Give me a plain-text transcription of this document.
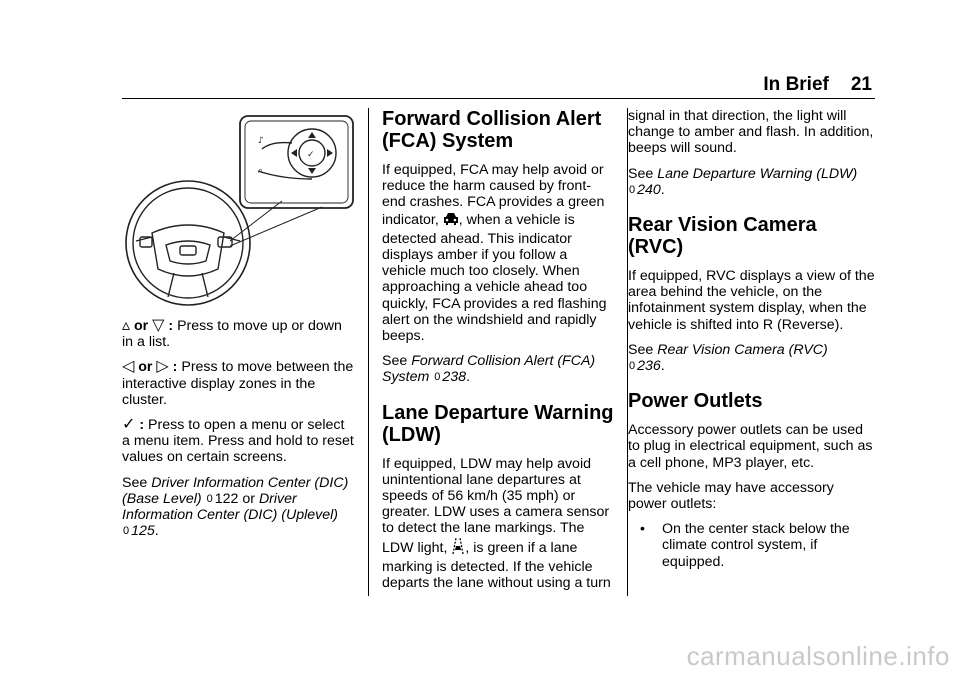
In Brief 21
✓
♪
⌕

▵ or ▽ : Press to move up or down in a list.

◁ or ▷ : Press to move between the interactive display zones in the cluster.

✓ : Press to open a menu or select a menu item. Press and hold to reset values on certain screens.

See Driver Information Center (DIC) (Base Level) 0 122 or Driver Information Center (DIC) (Uplevel)
0 125.

Forward Collision Alert (FCA) System

If equipped, FCA may help avoid or reduce the harm caused by front-end crashes. FCA provides a green indicator, , when a vehicle is detected ahead. This indicator displays amber if you follow a vehicle much too closely. When approaching a vehicle ahead too quickly, FCA provides a red flashing alert on the windshield and rapidly beeps.

See Forward Collision Alert (FCA) System 0 238.

Lane Departure Warning (LDW)

If equipped, LDW may help avoid unintentional lane departures at speeds of 56 km/h (35 mph) or greater. LDW uses a camera sensor to detect the lane markings. The LDW light, , is green if a lane marking is detected. If the vehicle departs the lane without using a turn

signal in that direction, the light will change to amber and flash. In addition, beeps will sound.

See Lane Departure Warning (LDW)
0 240.

Rear Vision Camera (RVC)

If equipped, RVC displays a view of the area behind the vehicle, on the infotainment system display, when the vehicle is shifted into R (Reverse).

See Rear Vision Camera (RVC)
0 236.

Power Outlets

Accessory power outlets can be used to plug in electrical equipment, such as a cell phone, MP3 player, etc.

The vehicle may have accessory power outlets:

•	On the center stack below the climate control system, if equipped.
carmanualsonline.info
